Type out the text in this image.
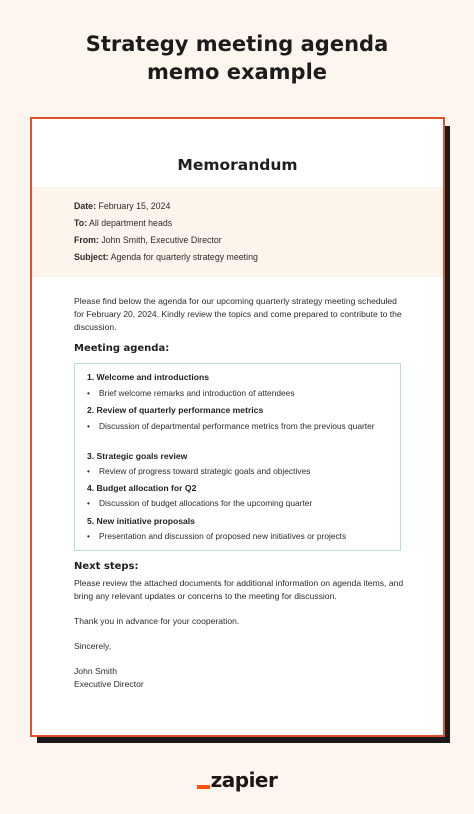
Strategy meeting agenda
memo example
Memorandum
Date: February 15, 2024
To: All department heads
From: John Smith, Executive Director
Subject: Agenda for quarterly strategy meeting
Please find below the agenda for our upcoming quarterly strategy meeting scheduled for February 20, 2024. Kindly review the topics and come prepared to contribute to the discussion.
Meeting agenda:
1. Welcome and introductions
• Brief welcome remarks and introduction of attendees
2. Review of quarterly performance metrics
• Discussion of departmental performance metrics from the previous quarter
3. Strategic goals review
• Review of progress toward strategic goals and objectives
4. Budget allocation for Q2
• Discussion of budget allocations for the upcoming quarter
5. New initiative proposals
• Presentation and discussion of proposed new initiatives or projects
Next steps:
Please review the attached documents for additional information on agenda items, and bring any relevant updates or concerns to the meeting for discussion.
Thank you in advance for your cooperation.
Sincerely,
John Smith
Executive Director
zapier
